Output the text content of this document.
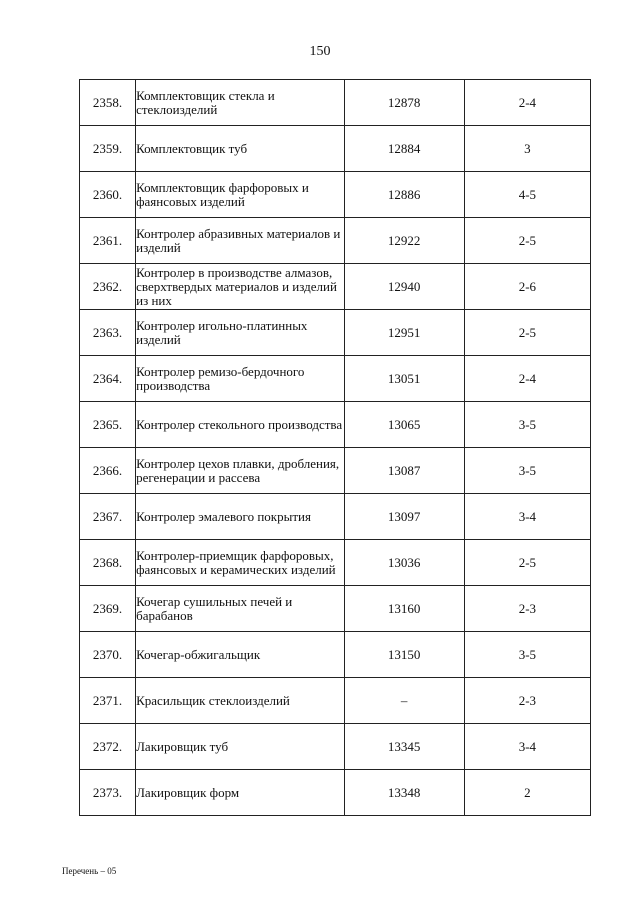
150
2358.	Комплектовщик стекла и стеклоизделий	12878	2-4
2359.	Комплектовщик туб	12884	3
2360.	Комплектовщик фарфоровых и фаянсовых изделий	12886	4-5
2361.	Контролер абразивных материалов и изделий	12922	2-5
2362.	Контролер в производстве алмазов, сверхтвердых материалов и изделий из них	12940	2-6
2363.	Контролер игольно-платинных изделий	12951	2-5
2364.	Контролер ремизо-бердочного производства	13051	2-4
2365.	Контролер стекольного производства	13065	3-5
2366.	Контролер цехов плавки, дробления, регенерации и рассева	13087	3-5
2367.	Контролер эмалевого покрытия	13097	3-4
2368.	Контролер-приемщик фарфоровых, фаянсовых и керамических изделий	13036	2-5
2369.	Кочегар сушильных печей и барабанов	13160	2-3
2370.	Кочегар-обжигальщик	13150	3-5
2371.	Красильщик стеклоизделий	–	2-3
2372.	Лакировщик туб	13345	3-4
2373.	Лакировщик форм	13348	2
Перечень – 05
